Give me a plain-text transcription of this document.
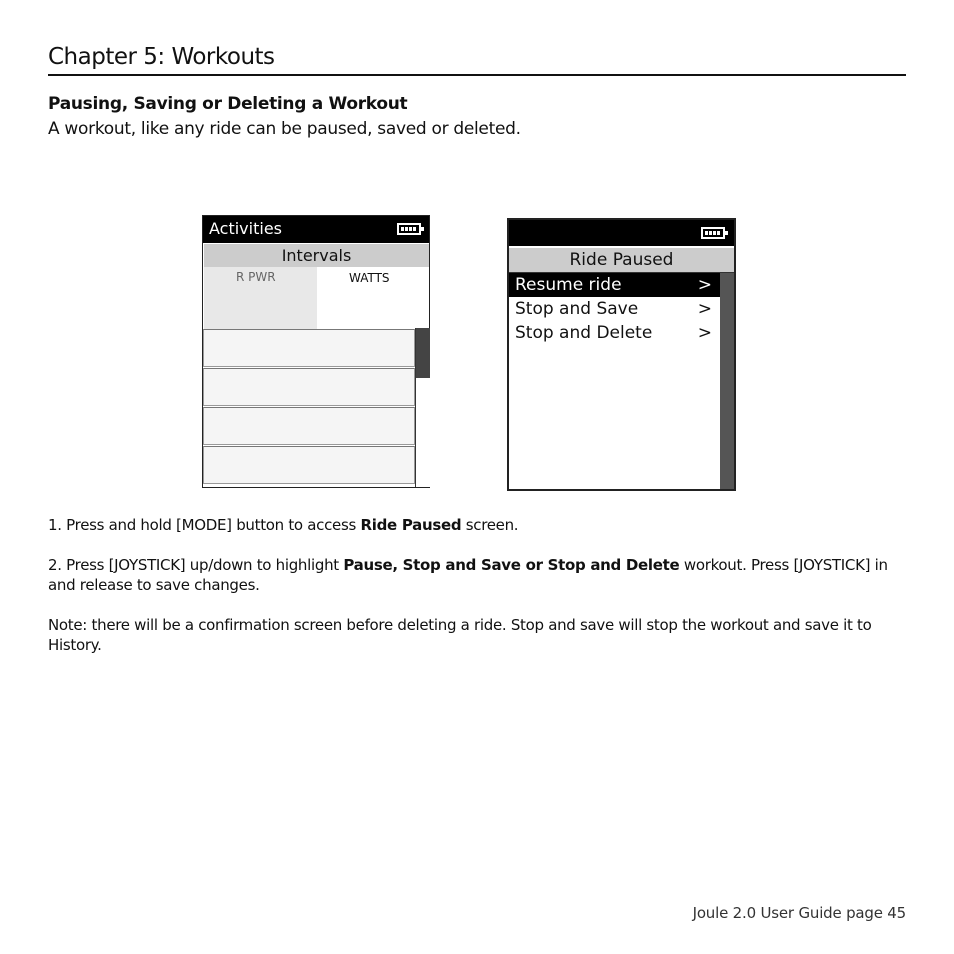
Chapter 5: Workouts
Pausing, Saving or Deleting a Workout
A workout, like any ride can be paused, saved or deleted.
Activities
Intervals
R PWR	WATTS
Ride Paused
Resume ride	>
Stop and Save	>
Stop and Delete	>
1. Press and hold [MODE] button to access Ride Paused screen.
2. Press [JOYSTICK] up/down to highlight Pause, Stop and Save or Stop and Delete workout. Press [JOYSTICK] in and release to save changes.
Note: there will be a confirmation screen before deleting a ride. Stop and save will stop the workout and save it to History.
Joule 2.0 User Guide page 45
